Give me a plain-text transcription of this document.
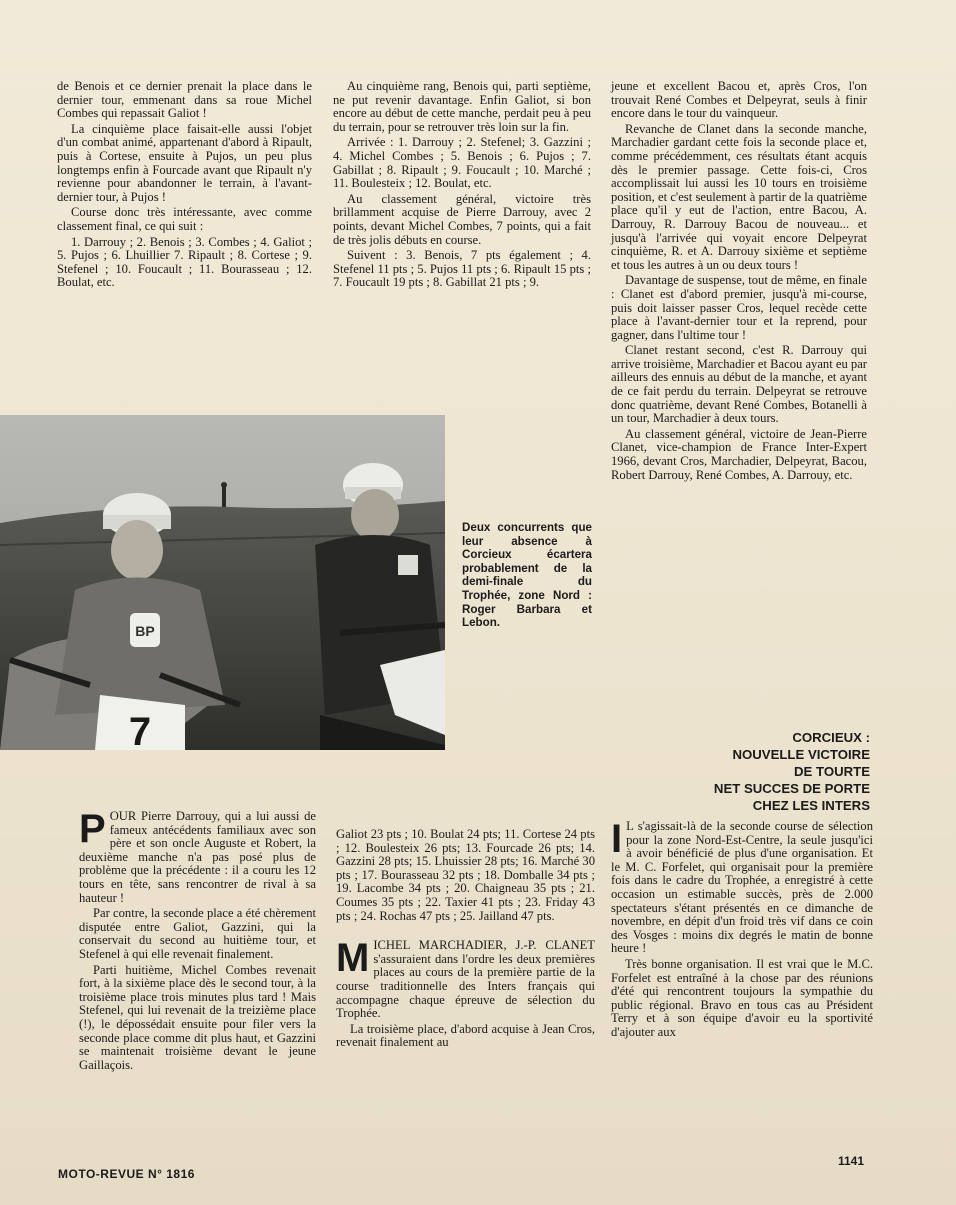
de Benois et ce dernier prenait la place dans le dernier tour, emmenant dans sa roue Michel Combes qui repassait Galiot !

La cinquième place faisait-elle aussi l'objet d'un combat animé, appartenant d'abord à Ripault, puis à Cortese, ensuite à Pujos, un peu plus longtemps enfin à Fourcade avant que Ripault n'y revienne pour abandonner le terrain, à l'avant-dernier tour, à Pujos !

Course donc très intéressante, avec comme classement final, ce qui suit :

1. Darrouy ; 2. Benois ; 3. Combes ; 4. Galiot ; 5. Pujos ; 6. Lhuillier 7. Ripault ; 8. Cortese ; 9. Stefenel ; 10. Foucault ; 11. Bourasseau ; 12. Boulat, etc.

Au cinquième rang, Benois qui, parti septième, ne put revenir davantage. Enfin Galiot, si bon encore au début de cette manche, perdait peu à peu du terrain, pour se retrouver très loin sur la fin.

Arrivée : 1. Darrouy ; 2. Stefenel; 3. Gazzini ; 4. Michel Combes ; 5. Benois ; 6. Pujos ; 7. Gabillat ; 8. Ripault ; 9. Foucault ; 10. Marché ; 11. Boulesteix ; 12. Boulat, etc.

Au classement général, victoire très brillamment acquise de Pierre Darrouy, avec 2 points, devant Michel Combes, 7 points, qui a fait de très jolis débuts en course.

Suivent : 3. Benois, 7 pts également ; 4. Stefenel 11 pts ; 5. Pujos 11 pts ; 6. Ripault 15 pts ; 7. Foucault 19 pts ; 8. Gabillat 21 pts ; 9.

jeune et excellent Bacou et, après Cros, l'on trouvait René Combes et Delpeyrat, seuls à finir encore dans le tour du vainqueur.

Revanche de Clanet dans la seconde manche, Marchadier gardant cette fois la seconde place et, comme précédemment, ces résultats étant acquis dès le premier passage. Cette fois-ci, Cros accomplissait lui aussi les 10 tours en troisième position, et c'est seulement à partir de la quatrième place qu'il y eut de l'action, entre Bacou, A. Darrouy, R. Darrouy Bacou de nouveau... et jusqu'à l'arrivée qui voyait encore Delpeyrat cinquième, R. et A. Darrouy sixième et septième et tous les autres à un ou deux tours !

Davantage de suspense, tout de même, en finale : Clanet est d'abord premier, jusqu'à mi-course, puis doit laisser passer Cros, lequel recède cette place à l'avant-dernier tour et la reprend, pour gagner, dans l'ultime tour !

Clanet restant second, c'est R. Darrouy qui arrive troisième, Marchadier et Bacou ayant eu par ailleurs des ennuis au début de la manche, et ayant de ce fait perdu du terrain. Delpeyrat se retrouve donc quatrième, devant René Combes, Botanelli à un tour, Marchadier à deux tours.

Au classement général, victoire de Jean-Pierre Clanet, vice-champion de France Inter-Expert 1966, devant Cros, Marchadier, Delpeyrat, Bacou, Robert Darrouy, René Combes, A. Darrouy, etc.

BP
7
Deux concurrents que leur absence à Corcieux écartera probablement de la demi-finale du Trophée, zone Nord : Roger Barbara et Lebon.
CORCIEUX :
NOUVELLE VICTOIRE
DE TOURTE
NET SUCCES DE PORTE
CHEZ LES INTERS

POUR Pierre Darrouy, qui a lui aussi de fameux antécédents familiaux avec son père et son oncle Auguste et Robert, la deuxième manche n'a pas posé plus de problème que la précédente : il a couru les 12 tours en tête, sans rencontrer de rival à sa hauteur !

Par contre, la seconde place a été chèrement disputée entre Galiot, Gazzini, qui la conservait du second au huitième tour, et Stefenel à qui elle revenait finalement.

Parti huitième, Michel Combes revenait fort, à la sixième place dès le second tour, à la troisième place trois minutes plus tard ! Mais Stefenel, qui lui revenait de la treizième place (!), le dépossédait ensuite pour filer vers la seconde place comme dit plus haut, et Gazzini se maintenait troisième devant le jeune Gaillaçois.

Galiot 23 pts ; 10. Boulat 24 pts; 11. Cortese 24 pts ; 12. Boulesteix 26 pts; 13. Fourcade 26 pts; 14. Gazzini 28 pts; 15. Lhuissier 28 pts; 16. Marché 30 pts ; 17. Bourasseau 32 pts ; 18. Domballe 34 pts ; 19. Lacombe 34 pts ; 20. Chaigneau 35 pts ; 21. Coumes 35 pts ; 22. Taxier 41 pts ; 23. Friday 43 pts ; 24. Rochas 47 pts ; 25. Jailland 47 pts.

MICHEL MARCHADIER, J.-P. CLANET s'assuraient dans l'ordre les deux premières places au cours de la première partie de la course traditionnelle des Inters français qui accompagne chaque épreuve de sélection du Trophée.

La troisième place, d'abord acquise à Jean Cros, revenait finalement au

I L s'agissait-là de la seconde course de sélection pour la zone Nord-Est-Centre, la seule jusqu'ici à avoir bénéficié de plus d'une organisation. Et le M. C. Forfelet, qui organisait pour la première fois dans le cadre du Trophée, a enregistré à cette occasion un estimable succès, près de 2.000 spectateurs s'étant présentés en ce dimanche de novembre, en dépit d'un froid très vif dans ce coin des Vosges : moins dix degrés le matin de bonne heure !

Très bonne organisation. Il est vrai que le M.C. Forfelet est entraîné à la chose par des réunions d'été qui rencontrent toujours la sympathie du public régional. Bravo en tous cas au Président Terry et à son équipe d'avoir eu la sportivité d'ajouter aux

MOTO-REVUE N° 1816
1141
